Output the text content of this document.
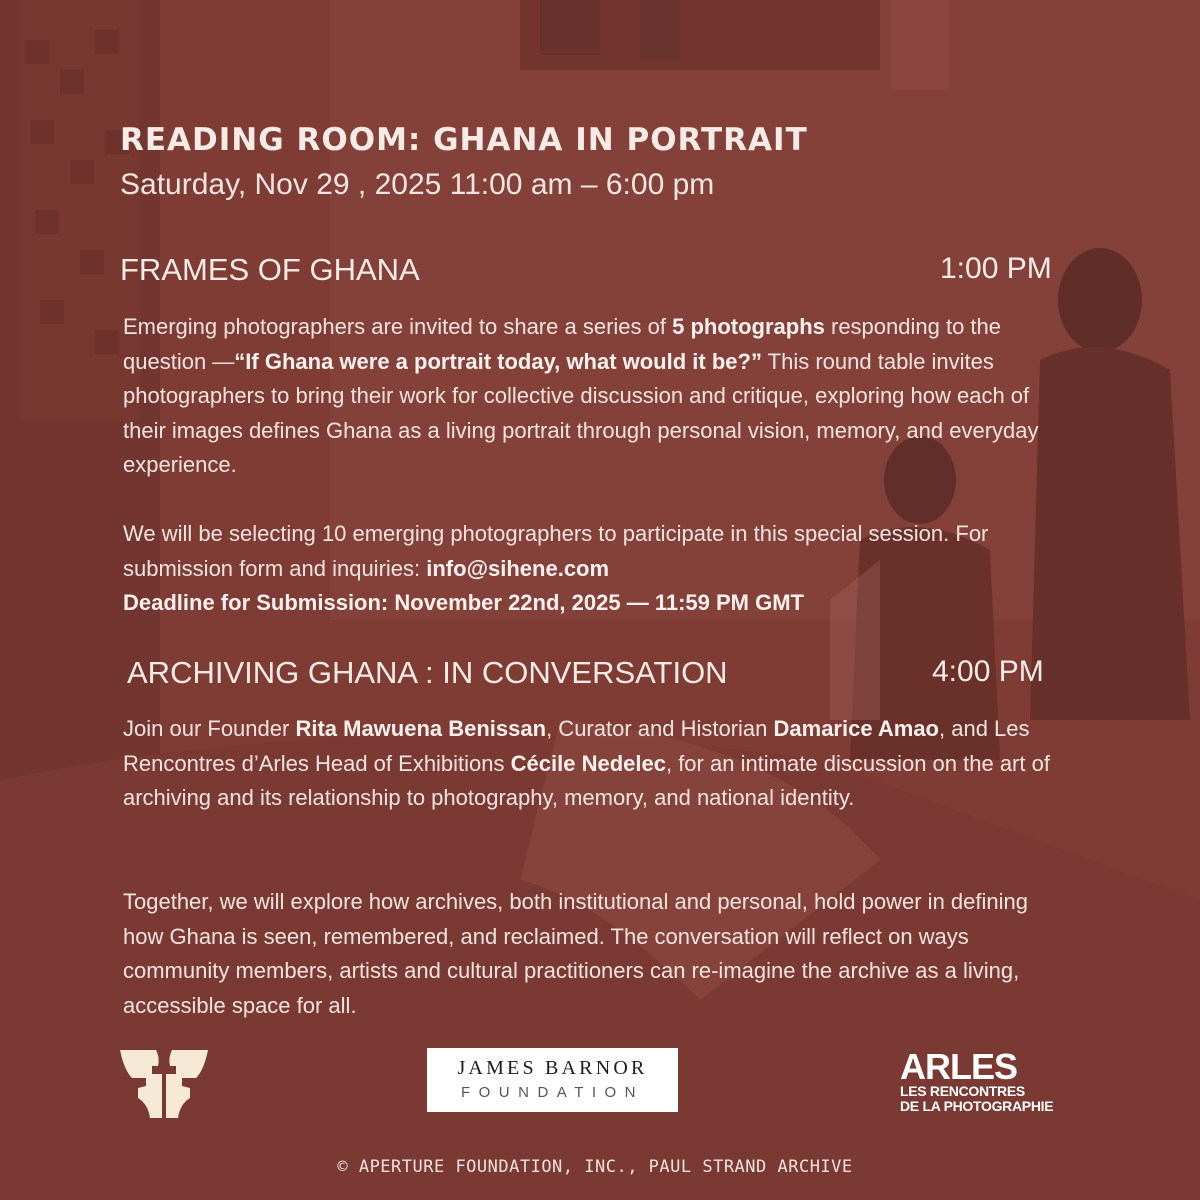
READING ROOM: GHANA IN PORTRAIT
Saturday, Nov 29 , 2025 11:00 am – 6:00 pm
FRAMES OF GHANA	1:00 PM
Emerging photographers are invited to share a series of 5 photographs responding to the question —“If Ghana were a portrait today, what would it be?” This round table invites photographers to bring their work for collective discussion and critique, exploring how each of their images defines Ghana as a living portrait through personal vision, memory, and everyday experience.
We will be selecting 10 emerging photographers to participate in this special session. For submission form and inquiries: info@sihene.com
Deadline for Submission: November 22nd, 2025 — 11:59 PM GMT
ARCHIVING GHANA : IN CONVERSATION	4:00 PM
Join our Founder Rita Mawuena Benissan, Curator and Historian Damarice Amao, and Les Rencontres d’Arles Head of Exhibitions Cécile Nedelec, for an intimate discussion on the art of archiving and its relationship to photography, memory, and national identity.
Together, we will explore how archives, both institutional and personal, hold power in defining how Ghana is seen, remembered, and reclaimed. The conversation will reflect on ways community members, artists and cultural practitioners can re-imagine the archive as a living, accessible space for all.
JAMES BARNOR
FOUNDATION
ARLES
LES RENCONTRES
DE LA PHOTOGRAPHIE
© APERTURE FOUNDATION, INC., PAUL STRAND ARCHIVE
